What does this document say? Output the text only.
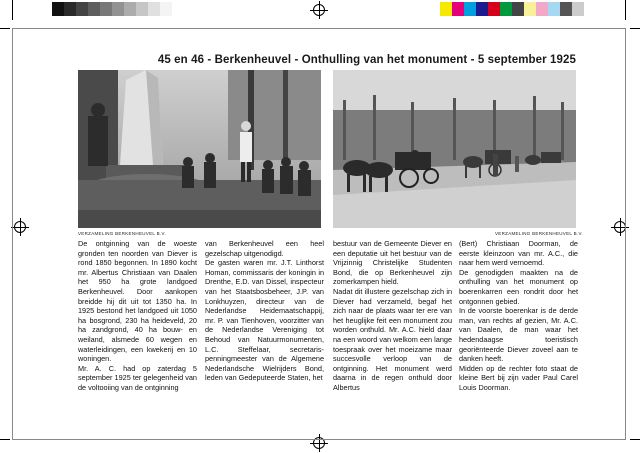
45 en 46 - Berkenheuvel - Onthulling van het monument - 5 september 1925
VERZAMELING BERKENHEUVEL B.V.	VERZAMELING BERKENHEUVEL B.V.

De ontginning van de woeste gronden ten noorden van Diever is rond 1850 begonnen. In 1890 kocht mr. Albertus Christiaan van Daalen het 950 ha grote landgoed Berkenheuvel. Door aankopen breidde hij dit uit tot 1350 ha. In 1925 bestond het landgoed uit 1050 ha bosgrond, 230 ha heideveld, 20 ha zandgrond, 40 ha bouw- en weiland, alsmede 60 wegen en waterleidingen, een kwekerij en 10 woningen.

Mr. A. C. had op zaterdag 5 september 1925 ter gelegenheid van de voltooiing van de ontginning

van Berkenheuvel een heel gezelschap uitgenodigd.

De gasten waren mr. J.T. Linthorst Homan, commissaris der koningin in Drenthe, E.D. van Dissel, inspecteur van het Staatsbosbeheer, J.P. van Lonkhuyzen, directeur van de Nederlandse Heidemaatschappij, mr. P. van Tienhoven, voorzitter van de Nederlandse Vereniging tot Behoud van Natuurmonumenten, L.C. Steffelaar, secretaris-penningmeester van de Algemene Nederlandsche Wielrijders Bond, leden van Gedeputeerde Staten, het

bestuur van de Gemeente Diever en een deputatie uit het bestuur van de Vrijzinnig Christelijke Studenten Bond, die op Berkenheuvel zijn zomerkampen hield.

Nadat dit illustere gezelschap zich in Diever had verzameld, begaf het zich naar de plaats waar ter ere van het heuglijke feit een monument zou worden onthuld. Mr. A.C. hield daar na een woord van welkom een lange toespraak over het moeizame maar succesvolle verloop van de ontginning. Het monument werd daarna in de regen onthuld door Albertus

(Bert) Christiaan Doorman, de eerste kleinzoon van mr. A.C., die naar hem werd vernoemd.

De genodigden maakten na de onthulling van het monument op boerenkarren een rondrit door het ontgonnen gebied.

In de voorste boerenkar is de derde man, van rechts af gezien, Mr. A.C. van Daalen, de man waar het hedendaagse toeristisch georiënteerde Diever zoveel aan te danken heeft.

Midden op de rechter foto staat de kleine Bert bij zijn vader Paul Carel Louis Doorman.
